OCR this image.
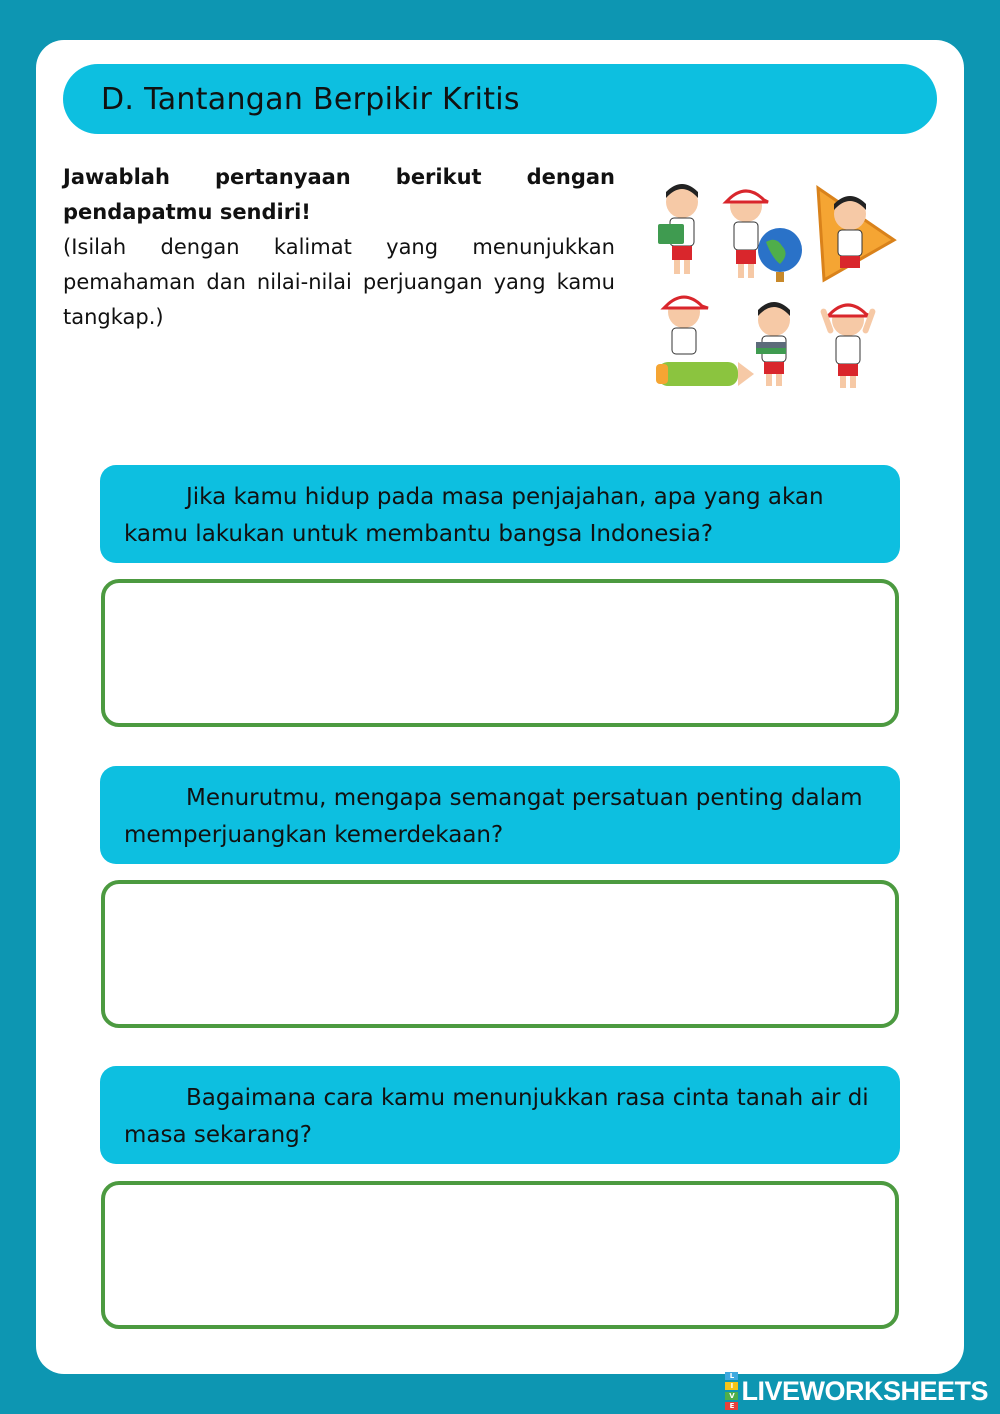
D. Tantangan Berpikir Kritis
Jawablah pertanyaan berikut dengan
pendapatmu sendiri!
(Isilah dengan kalimat yang menunjukkan pemahaman dan nilai-nilai perjuangan yang kamu tangkap.)
Jika kamu hidup pada masa penjajahan, apa yang akan kamu lakukan untuk membantu bangsa Indonesia?
Menurutmu, mengapa semangat persatuan penting dalam memperjuangkan kemerdekaan?
Bagaimana cara kamu menunjukkan rasa cinta tanah air di masa sekarang?
L
I
V
E
LIVEWORKSHEETS
